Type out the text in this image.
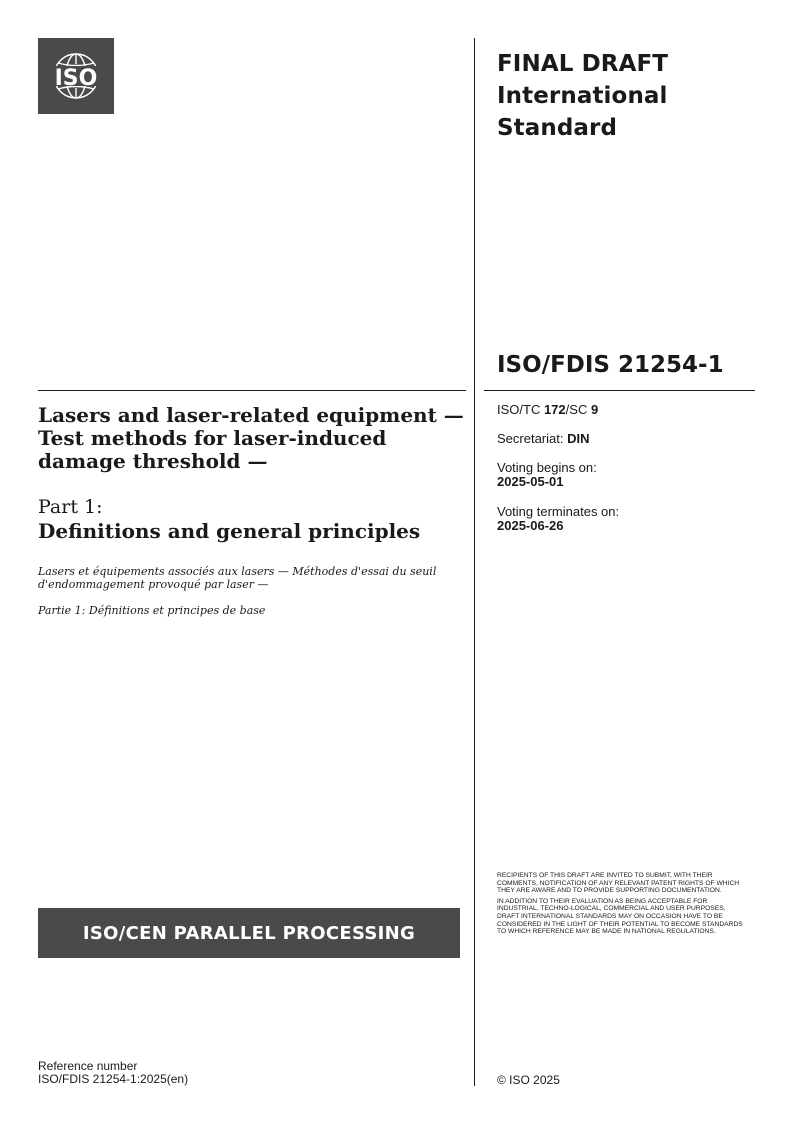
ISO
FINAL DRAFT
International
Standard
ISO/FDIS 21254-1
ISO/TC 172/SC 9
Secretariat: DIN
Voting begins on:
2025-05-01
Voting terminates on:
2025-06-26
Lasers and laser-related equipment — Test methods for laser-induced damage threshold —
Part 1:
Definitions and general principles
Lasers et équipements associés aux lasers — Méthodes d'essai du seuil d'endommagement provoqué par laser —
Partie 1: Définitions et principes de base

RECIPIENTS OF THIS DRAFT ARE INVITED TO SUBMIT, WITH THEIR COMMENTS, NOTIFICATION OF ANY RELEVANT PATENT RIGHTS OF WHICH THEY ARE AWARE AND TO PROVIDE SUPPORTING DOCUMENTATION.

IN ADDITION TO THEIR EVALUATION AS BEING ACCEPTABLE FOR INDUSTRIAL, TECHNO-LOGICAL, COMMERCIAL AND USER PURPOSES, DRAFT INTERNATIONAL STANDARDS MAY ON OCCASION HAVE TO BE CONSIDERED IN THE LIGHT OF THEIR POTENTIAL TO BECOME STANDARDS TO WHICH REFERENCE MAY BE MADE IN NATIONAL REGULATIONS.

ISO/CEN PARALLEL PROCESSING
Reference number
ISO/FDIS 21254-1:2025(en)	© ISO 2025
